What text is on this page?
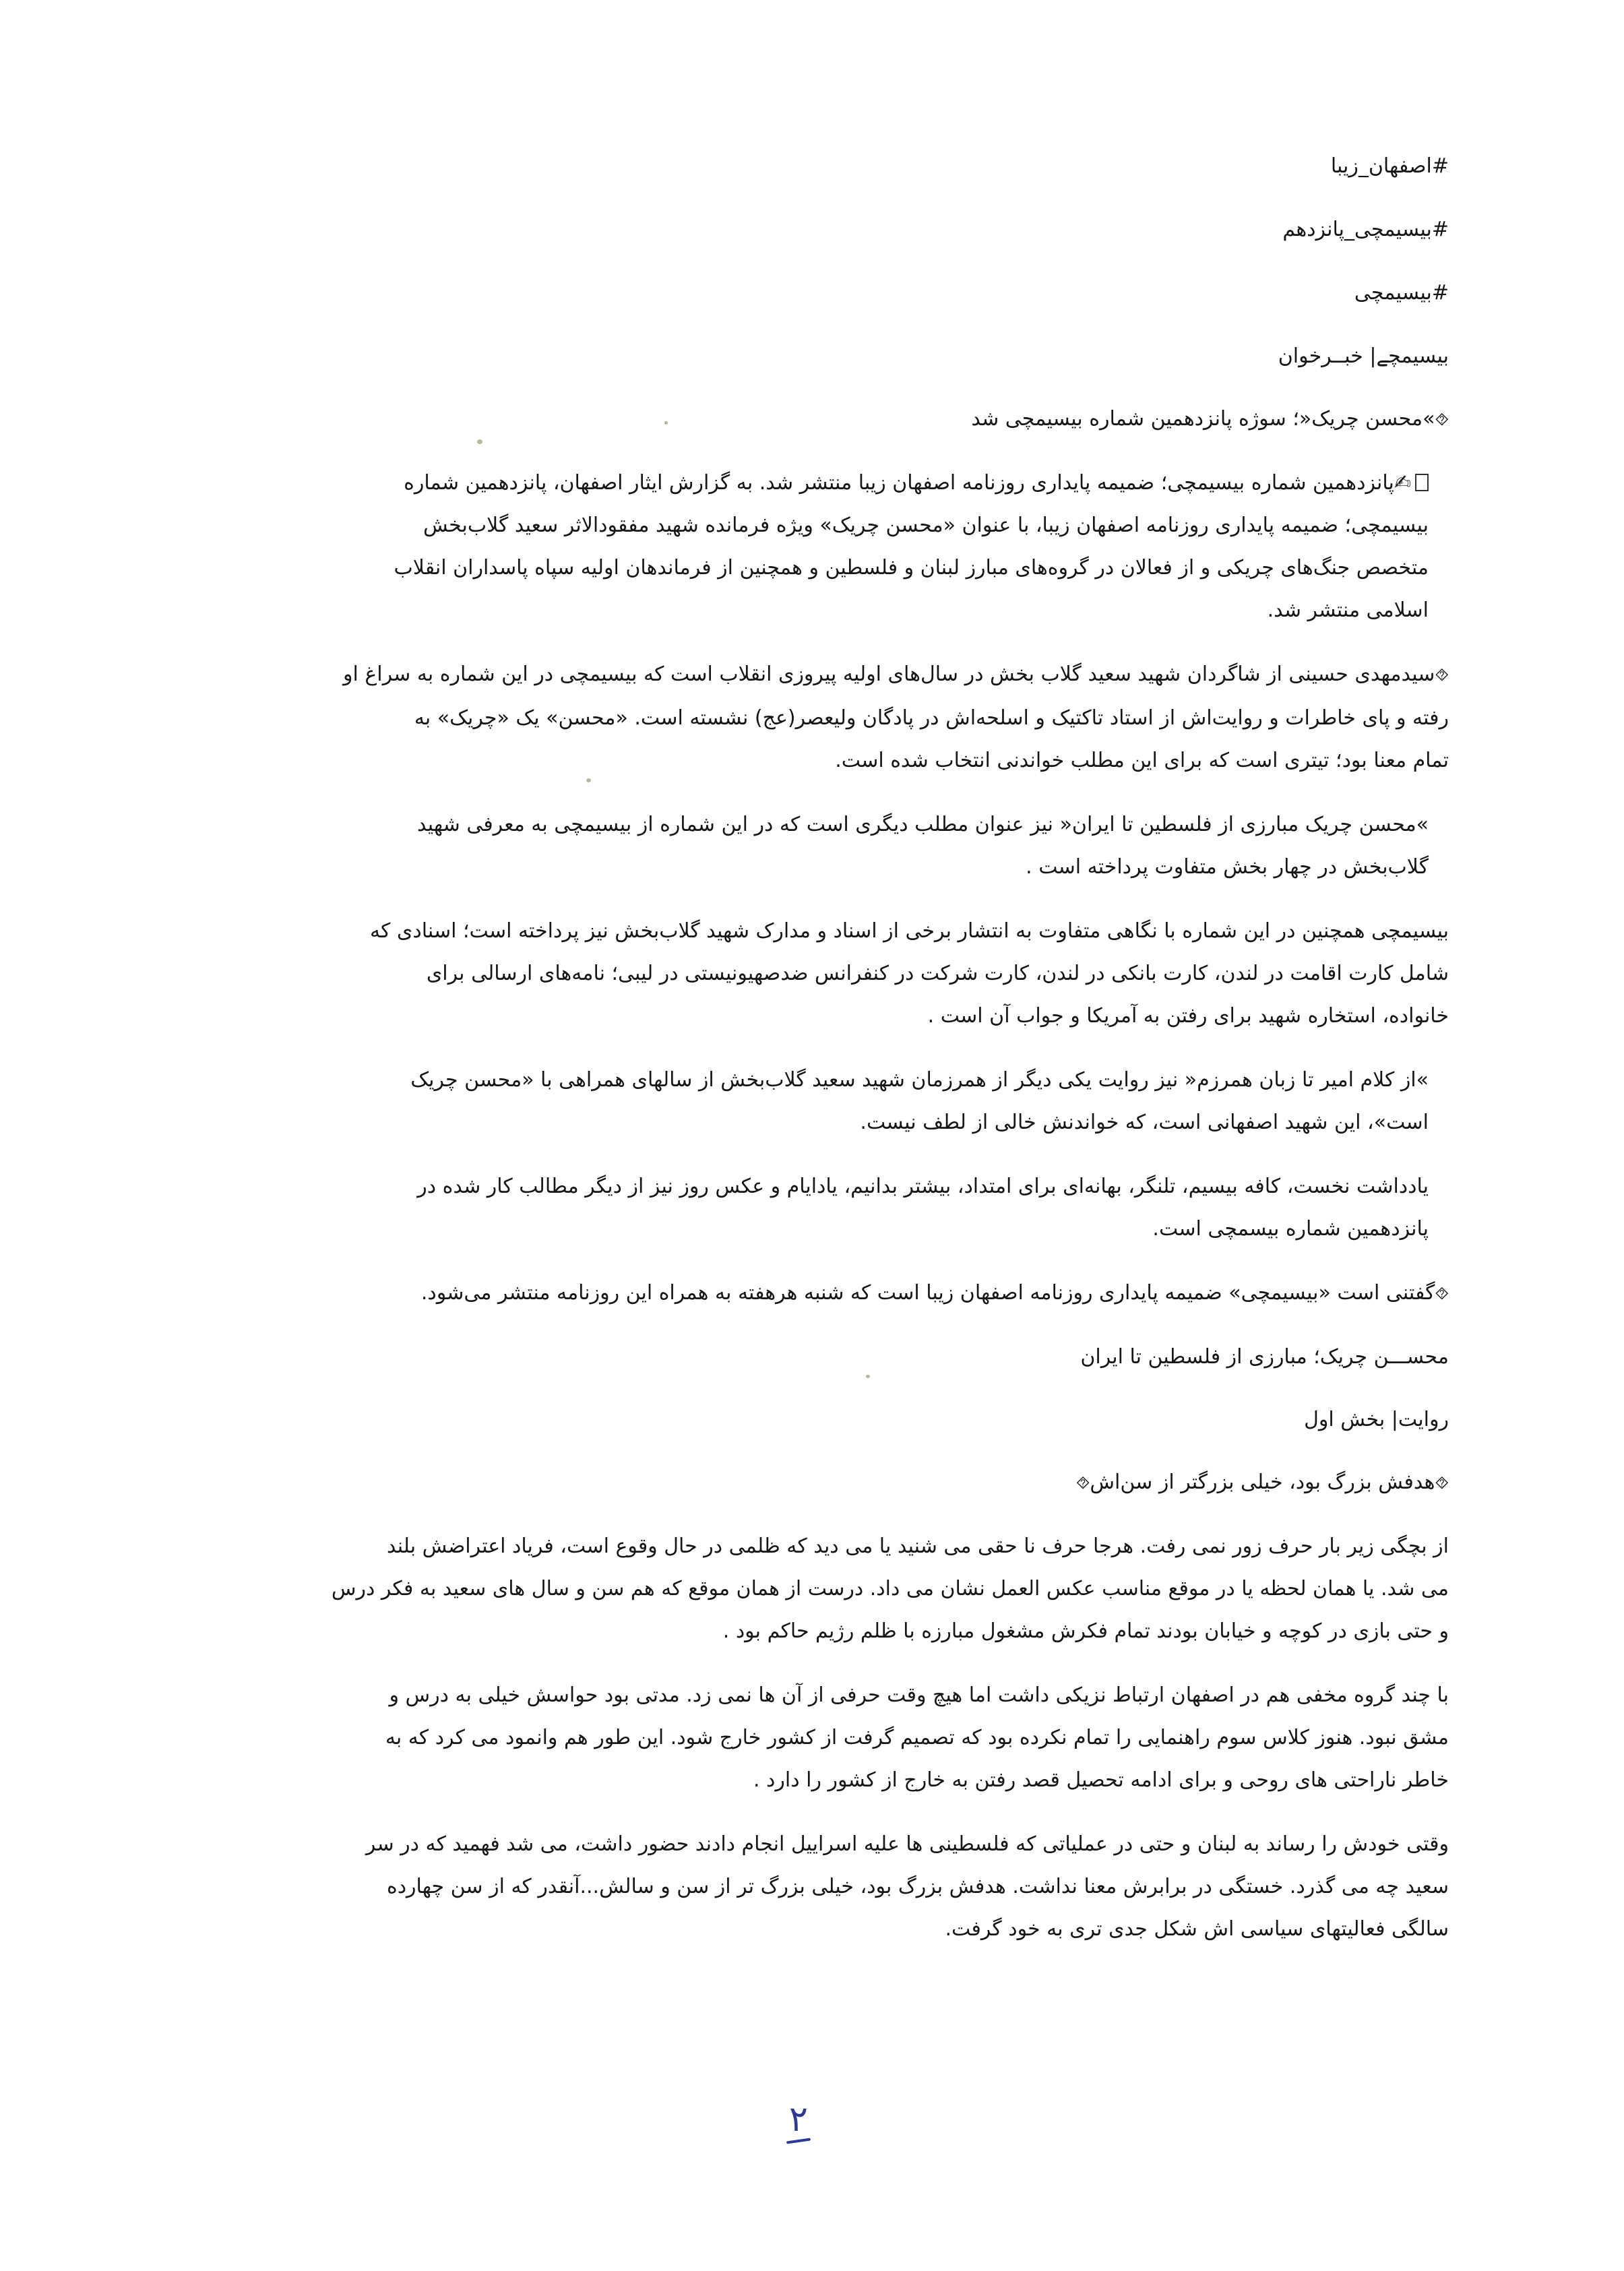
#اصفهان_زیبا

#بیسیمچی_پانزدهم

#بیسیمچی

بیسیمچے| خبــرخوان

⯑»محسن چریک«؛ سوژه پانزدهمین شماره بیسیمچی شد

✍پانزدهمین شماره بیسیمچی؛ ضمیمه پایداری روزنامه اصفهان زیبا منتشر شد. به گزارش ایثار اصفهان، پانزدهمین شماره

بیسیمچی؛ ضمیمه پایداری روزنامه اصفهان زیبا، با عنوان «محسن چریک» ویژه فرمانده شهید مفقودالاثر سعید گلاب‌بخش

متخصص جنگ‌های چریکی و از فعالان در گروه‌های مبارز لبنان و فلسطین و همچنین از فرماندهان اولیه سپاه پاسداران انقلاب

اسلامی منتشر شد.

⯑سیدمهدی حسینی از شاگردان شهید سعید گلاب بخش در سال‌های اولیه پیروزی انقلاب است که بیسیمچی در این شماره به سراغ او

رفته و پای خاطرات و روایت‌اش از استاد تاکتیک و اسلحه‌اش در پادگان ولیعصر(عج) نشسته است. «محسن» یک «چریک» به

تمام معنا بود؛ تیتری است که برای این مطلب خواندنی انتخاب شده است.

»محسن چریک مبارزی از فلسطین تا ایران« نیز عنوان مطلب دیگری است که در این شماره از بیسیمچی به معرفی شهید

گلاب‌بخش در چهار بخش متفاوت پرداخته است .

بیسیمچی همچنین در این شماره با نگاهی متفاوت به انتشار برخی از اسناد و مدارک شهید گلاب‌بخش نیز پرداخته است؛ اسنادی که

شامل کارت اقامت در لندن، کارت بانکی در لندن، کارت شرکت در کنفرانس ضدصهیونیستی در لیبی؛ نامه‌های ارسالی برای

خانواده، استخاره شهید برای رفتن به آمریکا و جواب آن است .

»از کلام امیر تا زبان همرزم« نیز روایت یکی دیگر از همرزمان شهید سعید گلاب‌بخش از سالهای همراهی با «محسن چریک

است»، این شهید اصفهانی است، که خواندنش خالی از لطف نیست.

یادداشت نخست، کافه بیسیم، تلنگر، بهانه‌ای برای امتداد، بیشتر بدانیم، یادایام و عکس روز نیز از دیگر مطالب کار شده در

پانزدهمین شماره بیسمچی است.

⯑گفتنی است «بیسیمچی» ضمیمه پایداری روزنامه اصفهان زیبا است که شنبه هرهفته به همراه این روزنامه منتشر می‌شود.

محســـن چریک؛ مبارزی از فلسطین تا ایران

روایت| بخش اول

⯑هدفش بزرگ بود، خیلی بزرگتر از سن‌اش⯑

از بچگی زیر بار حرف زور نمی رفت. هرجا حرف نا حقی می شنید یا می دید که ظلمی در حال وقوع است، فریاد اعتراضش بلند

می شد. یا همان لحظه یا در موقع مناسب عکس العمل نشان می داد. درست از همان موقع که هم سن و سال های سعید به فکر درس

و حتی بازی در کوچه و خیابان بودند تمام فکرش مشغول مبارزه با ظلم رژیم حاکم بود .

با چند گروه مخفی هم در اصفهان ارتباط نزیکی داشت اما هیچ وقت حرفی از آن ها نمی زد. مدتی بود حواسش خیلی به درس و

مشق نبود. هنوز کلاس سوم راهنمایی را تمام نکرده بود که تصمیم گرفت از کشور خارج شود. این طور هم وانمود می کرد که به

خاطر ناراحتی های روحی و برای ادامه تحصیل قصد رفتن به خارج از کشور را دارد .

وقتی خودش را رساند به لبنان و حتی در عملیاتی که فلسطینی ها علیه اسراییل انجام دادند حضور داشت، می شد فهمید که در سر

سعید چه می گذرد. خستگی در برابرش معنا نداشت. هدفش بزرگ بود، خیلی بزرگ تر از سن و سالش...آنقدر که از سن چهارده

سالگی فعالیتهای سیاسی اش شکل جدی تری به خود گرفت.

۲
